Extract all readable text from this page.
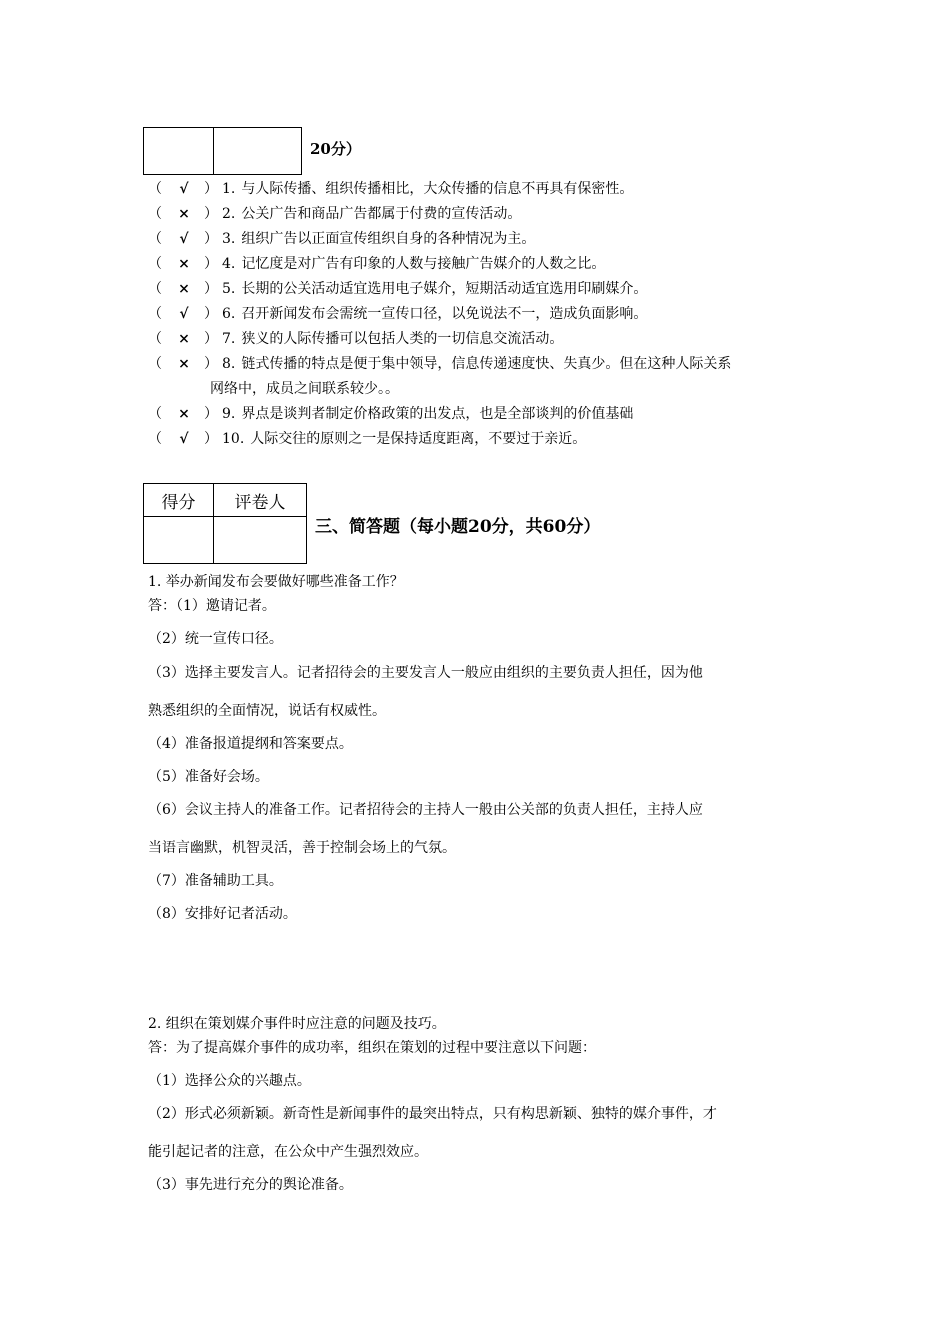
20分）
（ √ ） 1. 与人际传播、组织传播相比，大众传播的信息不再具有保密性。
（ × ） 2. 公关广告和商品广告都属于付费的宣传活动。
（ √ ） 3. 组织广告以正面宣传组织自身的各种情况为主。
（ × ） 4. 记忆度是对广告有印象的人数与接触广告媒介的人数之比。
（ × ） 5. 长期的公关活动适宜选用电子媒介，短期活动适宜选用印刷媒介。
（ √ ） 6. 召开新闻发布会需统一宣传口径，以免说法不一，造成负面影响。
（ × ） 7. 狭义的人际传播可以包括人类的一切信息交流活动。
（ × ） 8. 链式传播的特点是便于集中领导，信息传递速度快、失真少。但在这种人际关系
网络中，成员之间联系较少。。
（ × ） 9. 界点是谈判者制定价格政策的出发点，也是全部谈判的价值基础
（ √ ） 10. 人际交往的原则之一是保持适度距离，不要过于亲近。
得分	评卷人

三、简答题（每小题20分，共60分）
1. 举办新闻发布会要做好哪些准备工作？
答：（1）邀请记者。
（2）统一宣传口径。
（3）选择主要发言人。记者招待会的主要发言人一般应由组织的主要负责人担任，因为他
熟悉组织的全面情况，说话有权威性。
（4）准备报道提纲和答案要点。
（5）准备好会场。
（6）会议主持人的准备工作。记者招待会的主持人一般由公关部的负责人担任，主持人应
当语言幽默，机智灵活，善于控制会场上的气氛。
（7）准备辅助工具。
（8）安排好记者活动。
2. 组织在策划媒介事件时应注意的问题及技巧。
答：为了提高媒介事件的成功率，组织在策划的过程中要注意以下问题：
（1）选择公众的兴趣点。
（2）形式必须新颖。新奇性是新闻事件的最突出特点，只有构思新颖、独特的媒介事件，才
能引起记者的注意，在公众中产生强烈效应。
（3）事先进行充分的舆论准备。
